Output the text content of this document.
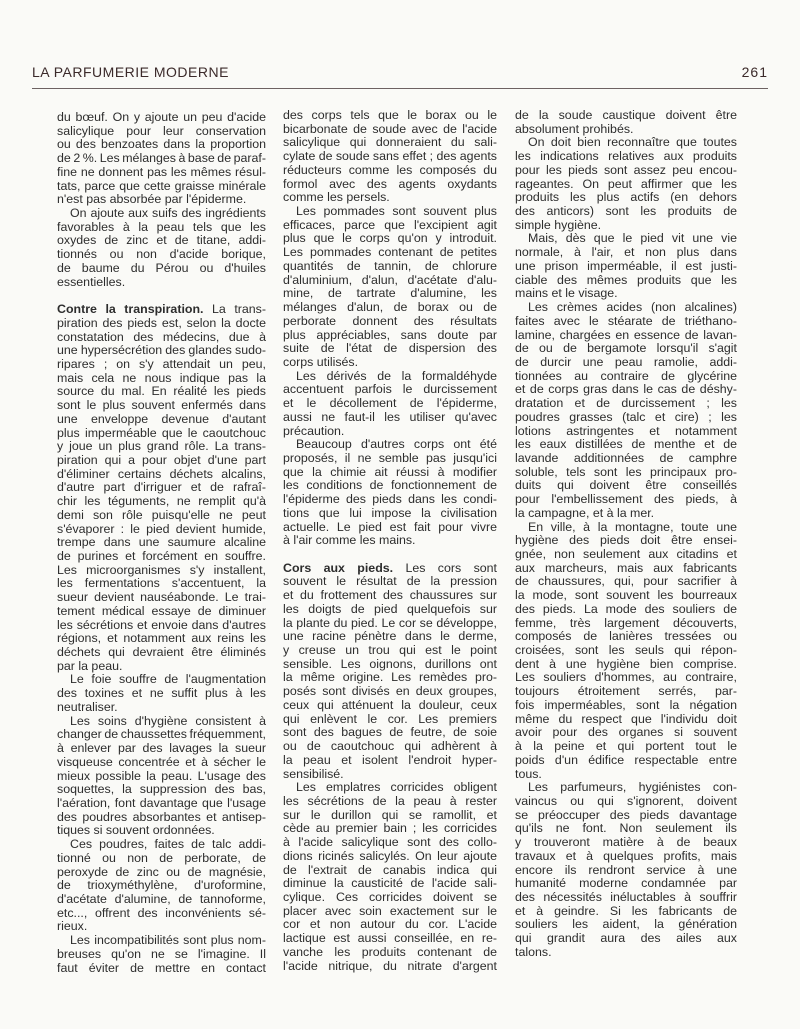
LA PARFUMERIE MODERNE	261
du bœuf. On y ajoute un peu d'acide
salicylique pour leur conservation
ou des benzoates dans la proportion
de 2 %. Les mélanges à base de paraf-
fine ne donnent pas les mêmes résul-
tats, parce que cette graisse minérale
n'est pas absorbée par l'épiderme.
On ajoute aux suifs des ingrédients
favorables à la peau tels que les
oxydes de zinc et de titane, addi-
tionnés ou non d'acide borique,
de baume du Pérou ou d'huiles
essentielles.
Contre la transpiration. La trans-
piration des pieds est, selon la docte
constatation des médecins, due à
une hypersécrétion des glandes sudo-
ripares ; on s'y attendait un peu,
mais cela ne nous indique pas la
source du mal. En réalité les pieds
sont le plus souvent enfermés dans
une enveloppe devenue d'autant
plus imperméable que le caoutchouc
y joue un plus grand rôle. La trans-
piration qui a pour objet d'une part
d'éliminer certains déchets alcalins,
d'autre part d'irriguer et de rafraî-
chir les téguments, ne remplit qu'à
demi son rôle puisqu'elle ne peut
s'évaporer : le pied devient humide,
trempe dans une saumure alcaline
de purines et forcément en souffre.
Les microorganismes s'y installent,
les fermentations s'accentuent, la
sueur devient nauséabonde. Le trai-
tement médical essaye de diminuer
les sécrétions et envoie dans d'autres
régions, et notamment aux reins les
déchets qui devraient être éliminés
par la peau.
Le foie souffre de l'augmentation
des toxines et ne suffit plus à les
neutraliser.
Les soins d'hygiène consistent à
changer de chaussettes fréquemment,
à enlever par des lavages la sueur
visqueuse concentrée et à sécher le
mieux possible la peau. L'usage des
soquettes, la suppression des bas,
l'aération, font davantage que l'usage
des poudres absorbantes et antisep-
tiques si souvent ordonnées.
Ces poudres, faites de talc addi-
tionné ou non de perborate, de
peroxyde de zinc ou de magnésie,
de trioxyméthylène, d'uroformine,
d'acétate d'alumine, de tannoforme,
etc..., offrent des inconvénients sé-
rieux.
Les incompatibilités sont plus nom-
breuses qu'on ne se l'imagine. Il
faut éviter de mettre en contact
des corps tels que le borax ou le
bicarbonate de soude avec de l'acide
salicylique qui donneraient du sali-
cylate de soude sans effet ; des agents
réducteurs comme les composés du
formol avec des agents oxydants
comme les persels.
Les pommades sont souvent plus
efficaces, parce que l'excipient agit
plus que le corps qu'on y introduit.
Les pommades contenant de petites
quantités de tannin, de chlorure
d'aluminium, d'alun, d'acétate d'alu-
mine, de tartrate d'alumine, les
mélanges d'alun, de borax ou de
perborate donnent des résultats
plus appréciables, sans doute par
suite de l'état de dispersion des
corps utilisés.
Les dérivés de la formaldéhyde
accentuent parfois le durcissement
et le décollement de l'épiderme,
aussi ne faut-il les utiliser qu'avec
précaution.
Beaucoup d'autres corps ont été
proposés, il ne semble pas jusqu'ici
que la chimie ait réussi à modifier
les conditions de fonctionnement de
l'épiderme des pieds dans les condi-
tions que lui impose la civilisation
actuelle. Le pied est fait pour vivre
à l'air comme les mains.
Cors aux pieds. Les cors sont
souvent le résultat de la pression
et du frottement des chaussures sur
les doigts de pied quelquefois sur
la plante du pied. Le cor se développe,
une racine pénètre dans le derme,
y creuse un trou qui est le point
sensible. Les oignons, durillons ont
la même origine. Les remèdes pro-
posés sont divisés en deux groupes,
ceux qui atténuent la douleur, ceux
qui enlèvent le cor. Les premiers
sont des bagues de feutre, de soie
ou de caoutchouc qui adhèrent à
la peau et isolent l'endroit hyper-
sensibilisé.
Les emplatres corricides obligent
les sécrétions de la peau à rester
sur le durillon qui se ramollit, et
cède au premier bain ; les corricides
à l'acide salicylique sont des collo-
dions ricinés salicylés. On leur ajoute
de l'extrait de canabis indica qui
diminue la causticité de l'acide sali-
cylique. Ces corricides doivent se
placer avec soin exactement sur le
cor et non autour du cor. L'acide
lactique est aussi conseillée, en re-
vanche les produits contenant de
l'acide nitrique, du nitrate d'argent
de la soude caustique doivent être
absolument prohibés.
On doit bien reconnaître que toutes
les indications relatives aux produits
pour les pieds sont assez peu encou-
rageantes. On peut affirmer que les
produits les plus actifs (en dehors
des anticors) sont les produits de
simple hygiène.
Mais, dès que le pied vit une vie
normale, à l'air, et non plus dans
une prison imperméable, il est justi-
ciable des mêmes produits que les
mains et le visage.
Les crèmes acides (non alcalines)
faites avec le stéarate de triéthano-
lamine, chargées en essence de lavan-
de ou de bergamote lorsqu'il s'agit
de durcir une peau ramolie, addi-
tionnées au contraire de glycérine
et de corps gras dans le cas de déshy-
dratation et de durcissement ; les
poudres grasses (talc et cire) ; les
lotions astringentes et notamment
les eaux distillées de menthe et de
lavande additionnées de camphre
soluble, tels sont les principaux pro-
duits qui doivent être conseillés
pour l'embellissement des pieds, à
la campagne, et à la mer.
En ville, à la montagne, toute une
hygiène des pieds doit être ensei-
gnée, non seulement aux citadins et
aux marcheurs, mais aux fabricants
de chaussures, qui, pour sacrifier à
la mode, sont souvent les bourreaux
des pieds. La mode des souliers de
femme, très largement découverts,
composés de lanières tressées ou
croisées, sont les seuls qui répon-
dent à une hygiène bien comprise.
Les souliers d'hommes, au contraire,
toujours étroitement serrés, par-
fois imperméables, sont la négation
même du respect que l'individu doit
avoir pour des organes si souvent
à la peine et qui portent tout le
poids d'un édifice respectable entre
tous.
Les parfumeurs, hygiénistes con-
vaincus ou qui s'ignorent, doivent
se préoccuper des pieds davantage
qu'ils ne font. Non seulement ils
y trouveront matière à de beaux
travaux et à quelques profits, mais
encore ils rendront service à une
humanité moderne condamnée par
des nécessités inéluctables à souffrir
et à geindre. Si les fabricants de
souliers les aident, la génération
qui grandit aura des ailes aux
talons.
